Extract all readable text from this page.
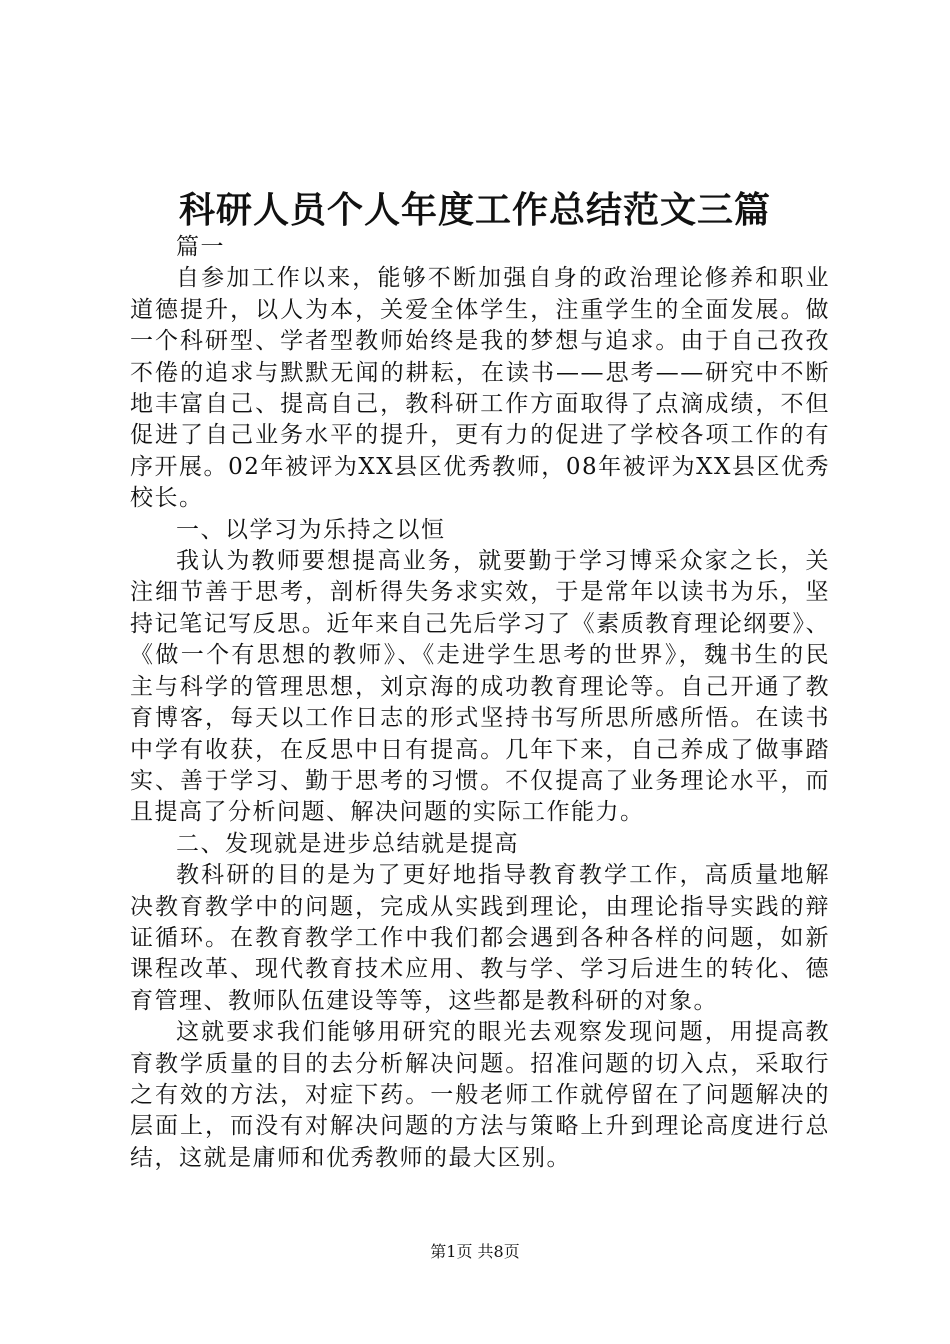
科研人员个人年度工作总结范文三篇

篇一

自参加工作以来，能够不断加强自身的政治理论修养和职业道德提升，以人为本，关爱全体学生，注重学生的全面发展。做一个科研型、学者型教师始终是我的梦想与追求。由于自己孜孜不倦的追求与默默无闻的耕耘，在读书——思考——研究中不断地丰富自己、提高自己，教科研工作方面取得了点滴成绩，不但促进了自己业务水平的提升，更有力的促进了学校各项工作的有序开展。02年被评为XX县区优秀教师，08年被评为XX县区优秀校长。

一、以学习为乐持之以恒

我认为教师要想提高业务，就要勤于学习博采众家之长，关注细节善于思考，剖析得失务求实效，于是常年以读书为乐，坚持记笔记写反思。近年来自己先后学习了《素质教育理论纲要》、《做一个有思想的教师》、《走进学生思考的世界》，魏书生的民主与科学的管理思想，刘京海的成功教育理论等。自己开通了教育博客，每天以工作日志的形式坚持书写所思所感所悟。在读书中学有收获，在反思中日有提高。几年下来，自己养成了做事踏实、善于学习、勤于思考的习惯。不仅提高了业务理论水平，而且提高了分析问题、解决问题的实际工作能力。

二、发现就是进步总结就是提高

教科研的目的是为了更好地指导教育教学工作，高质量地解决教育教学中的问题，完成从实践到理论，由理论指导实践的辩证循环。在教育教学工作中我们都会遇到各种各样的问题，如新课程改革、现代教育技术应用、教与学、学习后进生的转化、德育管理、教师队伍建设等等，这些都是教科研的对象。

这就要求我们能够用研究的眼光去观察发现问题，用提高教育教学质量的目的去分析解决问题。招准问题的切入点，采取行之有效的方法，对症下药。一般老师工作就停留在了问题解决的层面上，而没有对解决问题的方法与策略上升到理论高度进行总结，这就是庸师和优秀教师的最大区别。

第1页 共8页
